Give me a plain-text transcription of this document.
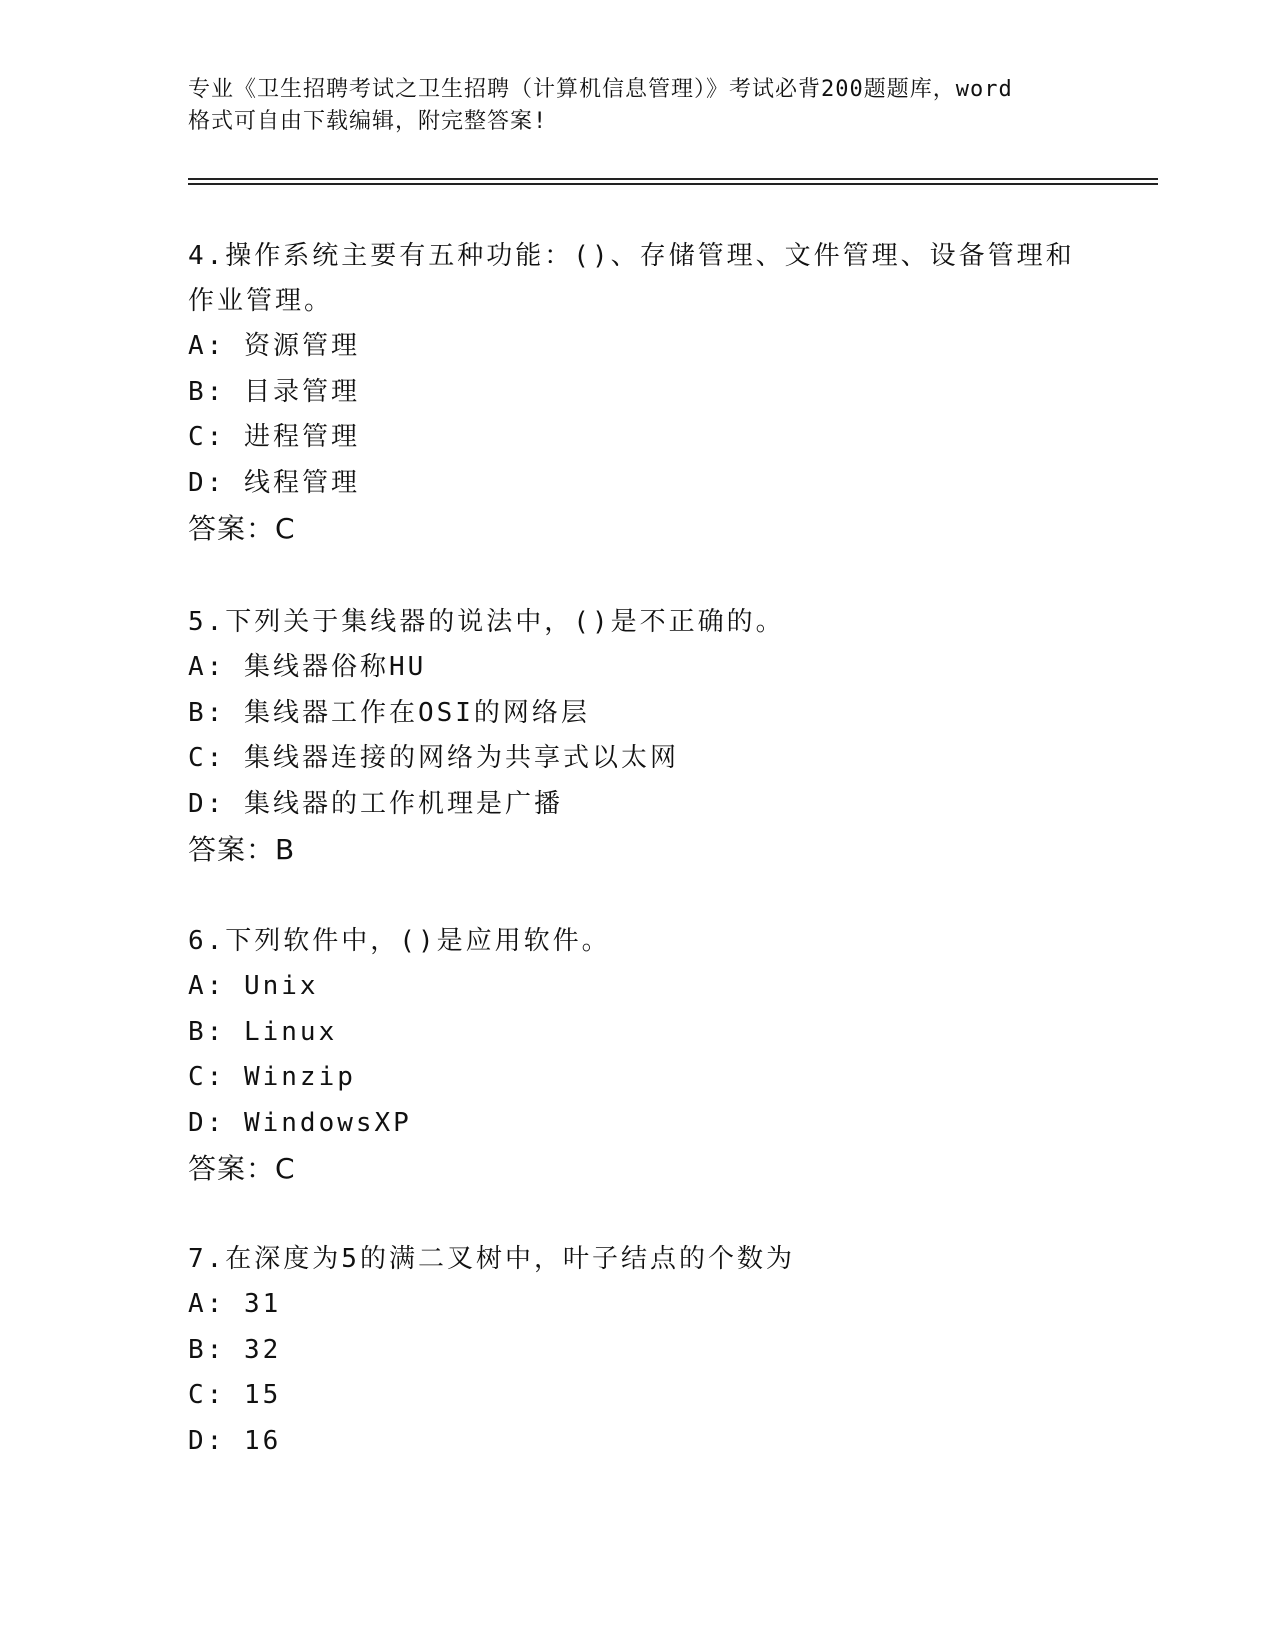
专业《卫生招聘考试之卫生招聘（计算机信息管理）》考试必背200题题库，word
格式可自由下载编辑，附完整答案!

4.操作系统主要有五种功能：()、存储管理、文件管理、设备管理和
作业管理。

A: 资源管理

B: 目录管理

C: 进程管理

D: 线程管理

答案：C

5.下列关于集线器的说法中，()是不正确的。

A: 集线器俗称HU

B: 集线器工作在OSI的网络层

C: 集线器连接的网络为共享式以太网

D: 集线器的工作机理是广播

答案：B

6.下列软件中，()是应用软件。

A: Unix

B: Linux

C: Winzip

D: WindowsXP

答案：C

7.在深度为5的满二叉树中，叶子结点的个数为

A: 31

B: 32

C: 15

D: 16
